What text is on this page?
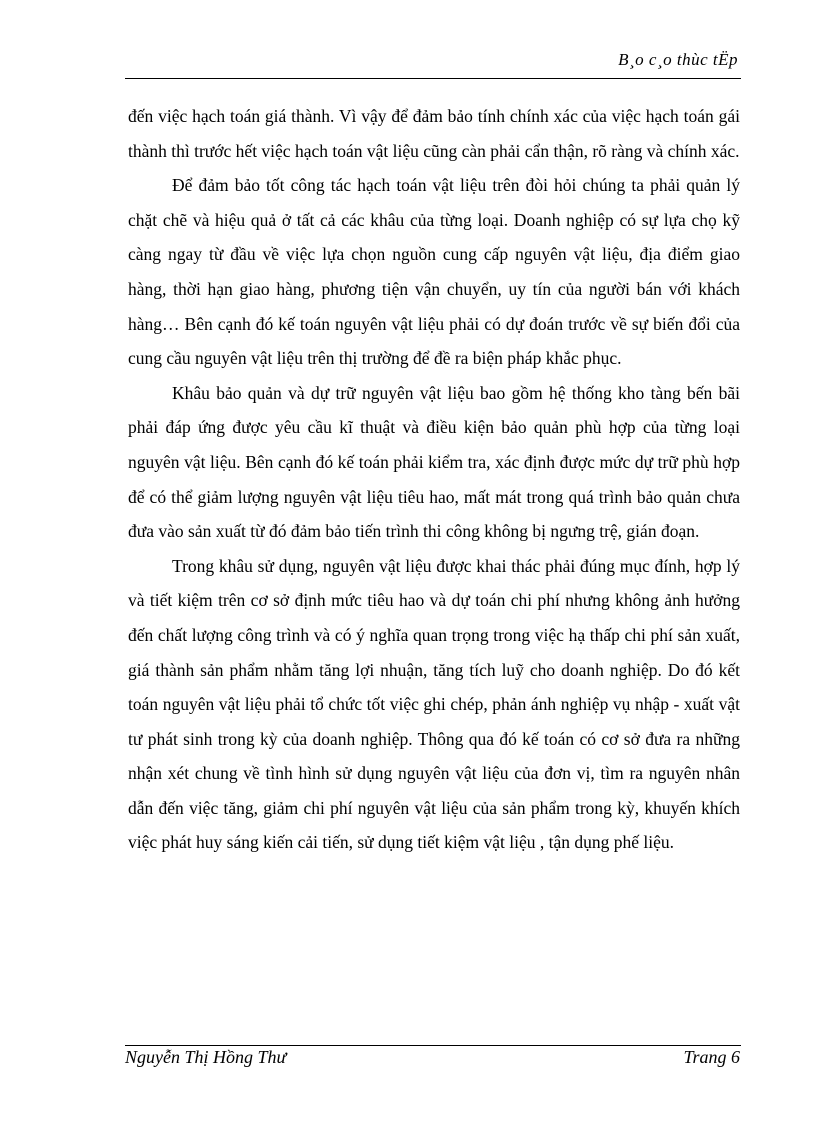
B¸o c¸o thùc tËp

đến việc hạch toán giá thành. Vì vậy để đảm bảo tính chính xác của việc hạch toán gái thành thì trước hết việc hạch toán vật liệu cũng càn phải cẩn thận, rõ ràng và chính xác.

Để đảm bảo tốt công tác hạch toán vật liệu trên đòi hỏi chúng ta phải quản lý chặt chẽ và hiệu quả ở tất cả các khâu của từng loại. Doanh nghiệp có sự lựa chọ kỹ càng ngay từ đầu về việc lựa chọn nguồn cung cấp nguyên vật liệu, địa điểm giao hàng, thời hạn giao hàng, phương tiện vận chuyển, uy tín của người bán với khách hàng… Bên cạnh đó kế toán nguyên vật liệu phải có dự đoán trước về sự biến đổi của cung cầu nguyên vật liệu trên thị trường để đề ra biện pháp khắc phục.

Khâu bảo quản và dự trữ nguyên vật liệu bao gồm hệ thống kho tàng bến bãi phải đáp ứng được yêu cầu kĩ thuật và điều kiện bảo quản phù hợp của từng loại nguyên vật liệu. Bên cạnh đó kế toán phải kiểm tra, xác định được mức dự trữ phù hợp để có thể giảm lượng nguyên vật liệu tiêu hao, mất mát trong quá trình bảo quản chưa đưa vào sản xuất từ đó đảm bảo tiến trình thi công không bị ngưng trệ, gián đoạn.

Trong khâu sử dụng, nguyên vật liệu được khai thác phải đúng mục đính, hợp lý và tiết kiệm trên cơ sở định mức tiêu hao và dự toán chi phí nhưng không ảnh hưởng đến chất lượng công trình và có ý nghĩa quan trọng trong việc hạ thấp chi phí sản xuất, giá thành sản phẩm nhằm tăng lợi nhuận, tăng tích luỹ cho doanh nghiệp. Do đó kết toán nguyên vật liệu phải tổ chức tốt việc ghi chép, phản ánh nghiệp vụ nhập - xuất vật tư phát sinh trong kỳ của doanh nghiệp. Thông qua đó kế toán có cơ sở đưa ra những nhận xét chung về tình hình sử dụng nguyên vật liệu của đơn vị, tìm ra nguyên nhân dẫn đến việc tăng, giảm chi phí nguyên vật liệu của sản phẩm trong kỳ, khuyến khích việc phát huy sáng kiến cải tiến, sử dụng tiết kiệm vật liệu , tận dụng phế liệu.

Nguyễn Thị Hồng Thư	Trang 6
